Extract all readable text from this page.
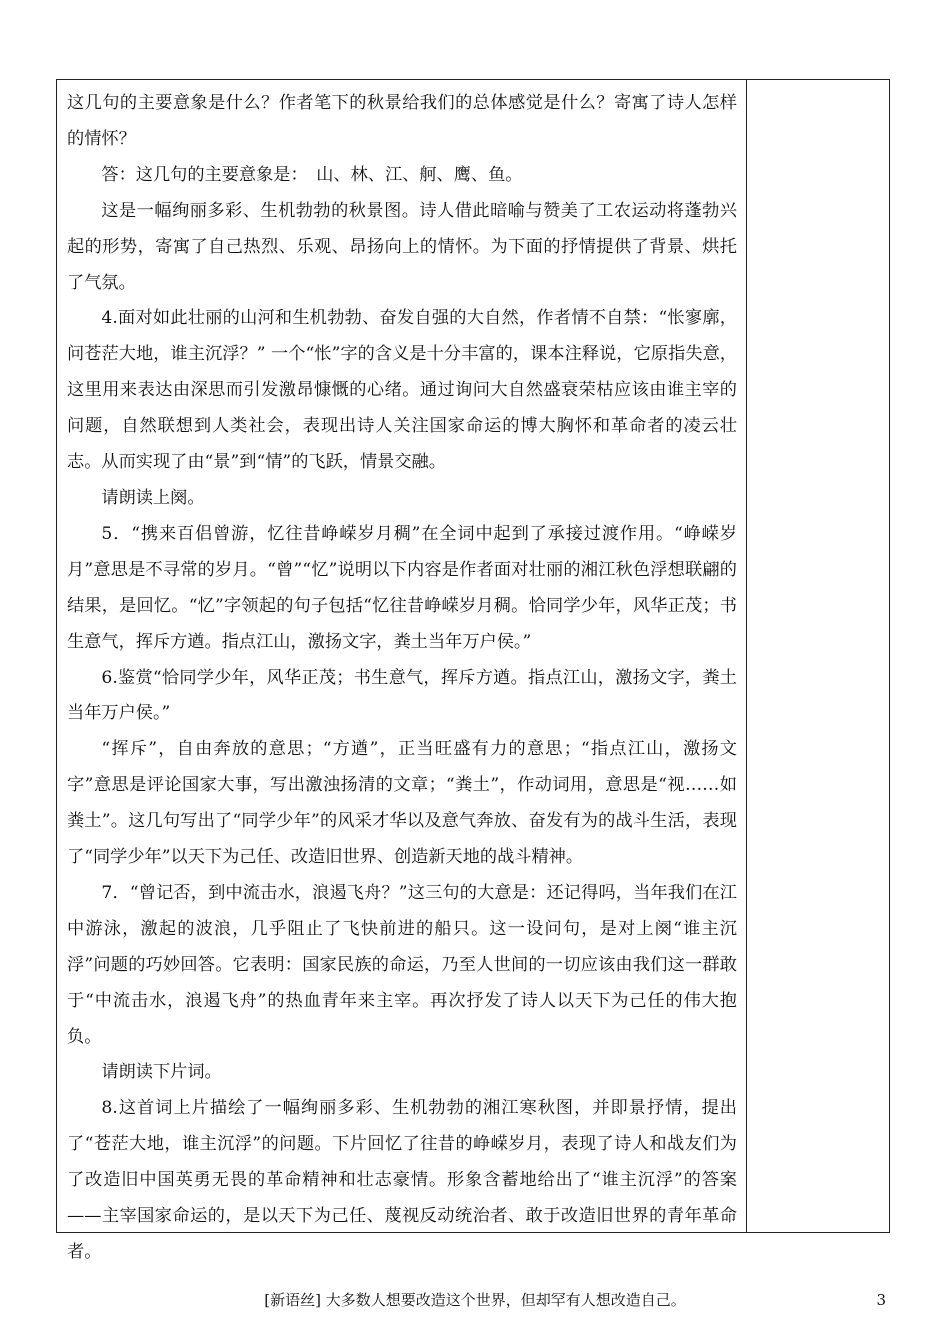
这几句的主要意象是什么？作者笔下的秋景给我们的总体感觉是什么？寄寓了诗人怎样的情怀？

答：这几句的主要意象是：　山、林、江、舸、鹰、鱼。

这是一幅绚丽多彩、生机勃勃的秋景图。诗人借此暗喻与赞美了工农运动将蓬勃兴起的形势，寄寓了自己热烈、乐观、昂扬向上的情怀。为下面的抒情提供了背景、烘托了气氛。

4.面对如此壮丽的山河和生机勃勃、奋发自强的大自然，作者情不自禁：“怅寥廓，问苍茫大地，谁主沉浮？” 一个“怅”字的含义是十分丰富的，课本注释说，它原指失意，这里用来表达由深思而引发激昂慷慨的心绪。通过询问大自然盛衰荣枯应该由谁主宰的问题，自然联想到人类社会，表现出诗人关注国家命运的博大胸怀和革命者的凌云壮志。从而实现了由“景”到“情”的飞跃，情景交融。

请朗读上阕。

5．“携来百侣曾游，忆往昔峥嵘岁月稠”在全词中起到了承接过渡作用。“峥嵘岁月”意思是不寻常的岁月。“曾”“忆”说明以下内容是作者面对壮丽的湘江秋色浮想联翩的结果，是回忆。“忆”字领起的句子包括“忆往昔峥嵘岁月稠。恰同学少年，风华正茂；书生意气，挥斥方遒。指点江山，激扬文字，粪土当年万户侯。”

6.鉴赏“恰同学少年，风华正茂；书生意气，挥斥方遒。指点江山，激扬文字，粪土当年万户侯。”

“挥斥”，自由奔放的意思；“方遒”，正当旺盛有力的意思；“指点江山，激扬文字”意思是评论国家大事，写出激浊扬清的文章；“粪土”，作动词用，意思是“视……如粪土”。这几句写出了“同学少年”的风采才华以及意气奔放、奋发有为的战斗生活，表现了“同学少年”以天下为己任、改造旧世界、创造新天地的战斗精神。

7．“曾记否，到中流击水，浪遏飞舟？”这三句的大意是：还记得吗，当年我们在江中游泳，激起的波浪，几乎阻止了飞快前进的船只。这一设问句，是对上阕“谁主沉浮”问题的巧妙回答。它表明：国家民族的命运，乃至人世间的一切应该由我们这一群敢于“中流击水，浪遏飞舟”的热血青年来主宰。再次抒发了诗人以天下为己任的伟大抱负。

请朗读下片词。

8.这首词上片描绘了一幅绚丽多彩、生机勃勃的湘江寒秋图，并即景抒情，提出了“苍茫大地，谁主沉浮”的问题。下片回忆了往昔的峥嵘岁月，表现了诗人和战友们为了改造旧中国英勇无畏的革命精神和壮志豪情。形象含蓄地给出了“谁主沉浮”的答案——主宰国家命运的，是以天下为己任、蔑视反动统治者、敢于改造旧世界的青年革命者。

[新语丝] 大多数人想要改造这个世界，但却罕有人想改造自己。	3
